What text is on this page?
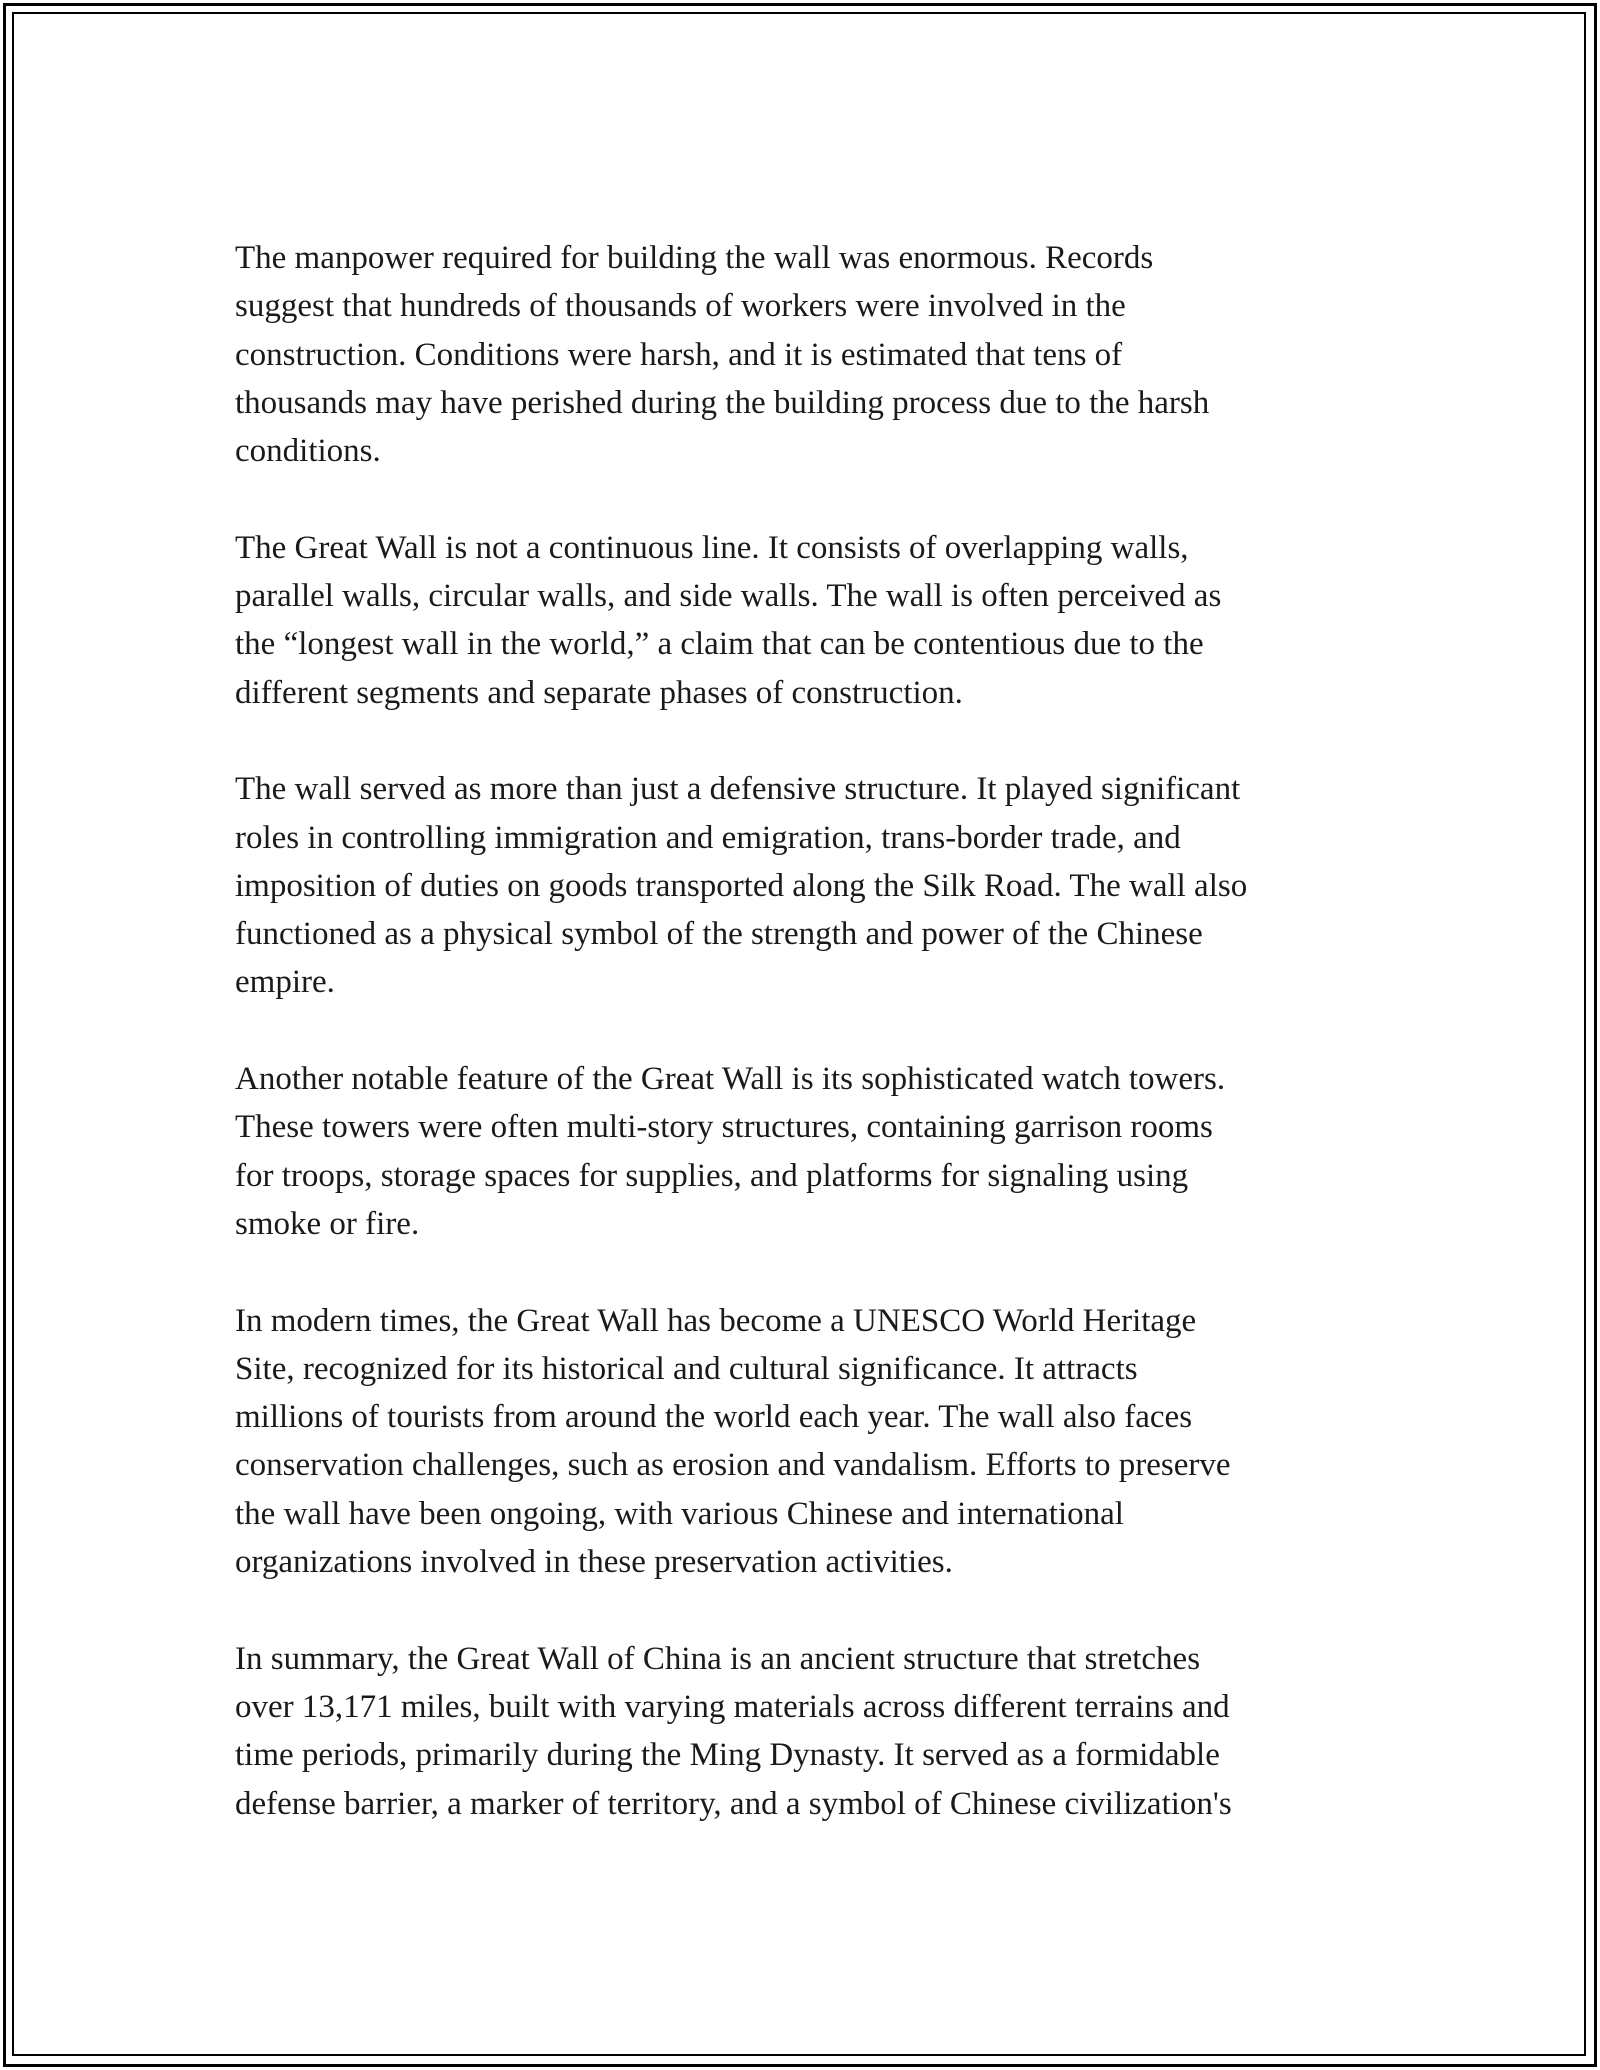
The manpower required for building the wall was enormous. Records
suggest that hundreds of thousands of workers were involved in the
construction. Conditions were harsh, and it is estimated that tens of
thousands may have perished during the building process due to the harsh
conditions.

The Great Wall is not a continuous line. It consists of overlapping walls,
parallel walls, circular walls, and side walls. The wall is often perceived as
the “longest wall in the world,” a claim that can be contentious due to the
different segments and separate phases of construction.

The wall served as more than just a defensive structure. It played significant
roles in controlling immigration and emigration, trans-border trade, and
imposition of duties on goods transported along the Silk Road. The wall also
functioned as a physical symbol of the strength and power of the Chinese
empire.

Another notable feature of the Great Wall is its sophisticated watch towers.
These towers were often multi-story structures, containing garrison rooms
for troops, storage spaces for supplies, and platforms for signaling using
smoke or fire.

In modern times, the Great Wall has become a UNESCO World Heritage
Site, recognized for its historical and cultural significance. It attracts
millions of tourists from around the world each year. The wall also faces
conservation challenges, such as erosion and vandalism. Efforts to preserve
the wall have been ongoing, with various Chinese and international
organizations involved in these preservation activities.

In summary, the Great Wall of China is an ancient structure that stretches
over 13,171 miles, built with varying materials across different terrains and
time periods, primarily during the Ming Dynasty. It served as a formidable
defense barrier, a marker of territory, and a symbol of Chinese civilization's
